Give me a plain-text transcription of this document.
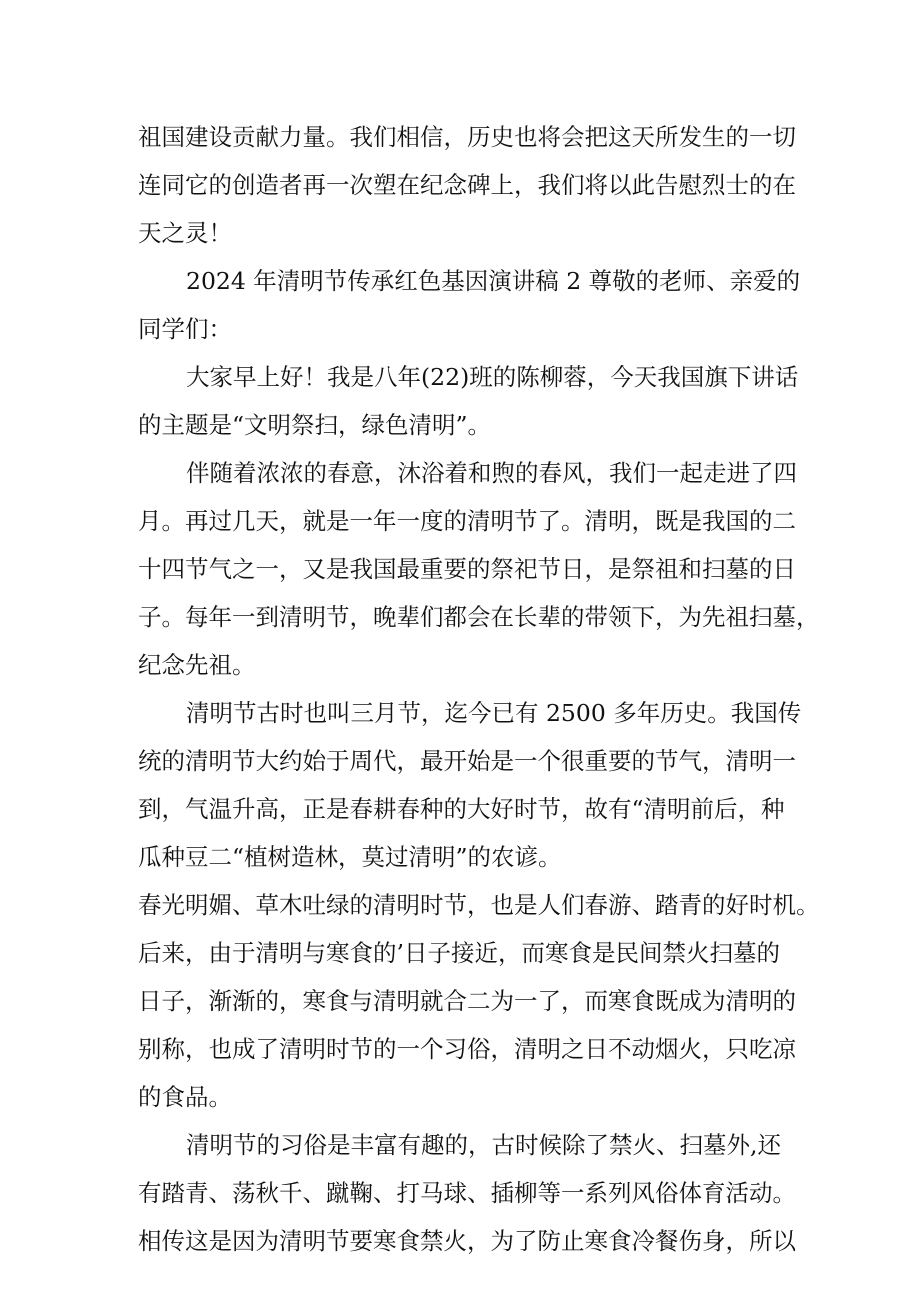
祖国建设贡献力量。我们相信，历史也将会把这天所发生的一切
连同它的创造者再一次塑在纪念碑上，我们将以此告慰烈士的在
天之灵！
2024 年清明节传承红色基因演讲稿 2 尊敬的老师、亲爱的
同学们：
大家早上好！我是八年(22)班的陈柳蓉，今天我国旗下讲话
的主题是“文明祭扫，绿色清明”。
伴随着浓浓的春意，沐浴着和煦的春风，我们一起走进了四
月。再过几天，就是一年一度的清明节了。清明，既是我国的二
十四节气之一，又是我国最重要的祭祀节日，是祭祖和扫墓的日
子。每年一到清明节，晚辈们都会在长辈的带领下，为先祖扫墓，
纪念先祖。
清明节古时也叫三月节，迄今已有 2500 多年历史。我国传
统的清明节大约始于周代，最开始是一个很重要的节气，清明一
到，气温升高，正是春耕春种的大好时节，故有“清明前后，种
瓜种豆二“植树造林，莫过清明”的农谚。
春光明媚、草木吐绿的清明时节，也是人们春游、踏青的好时机。
后来，由于清明与寒食的’日子接近，而寒食是民间禁火扫墓的
日子，渐渐的，寒食与清明就合二为一了，而寒食既成为清明的
别称，也成了清明时节的一个习俗，清明之日不动烟火，只吃凉
的食品。
清明节的习俗是丰富有趣的，古时候除了禁火、扫墓外,还
有踏青、荡秋千、蹴鞠、打马球、插柳等一系列风俗体育活动。
相传这是因为清明节要寒食禁火，为了防止寒食冷餐伤身，所以
